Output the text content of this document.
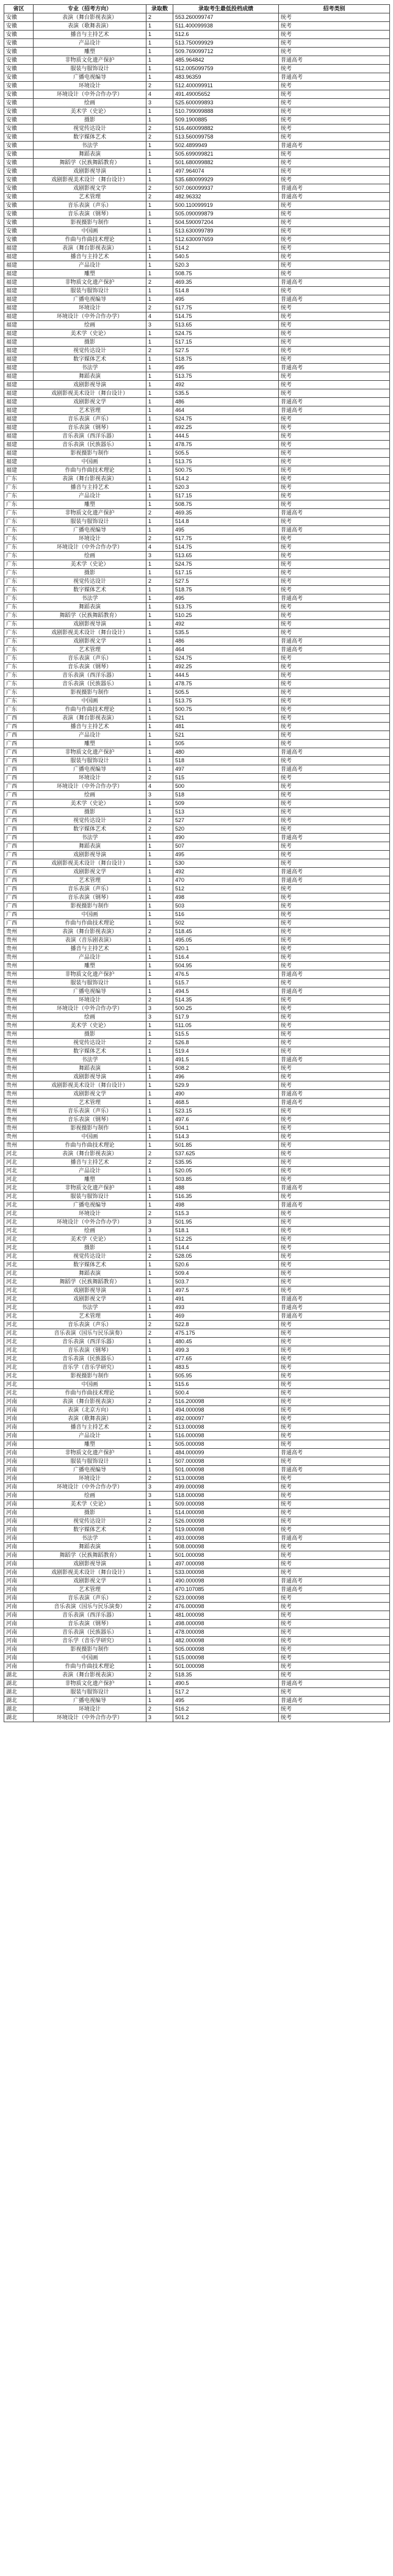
省区	专业（招考方向）	录取数	录取考生最低投档成绩	招考类别
安徽	表演（舞台影视表演）	2	553.260099747	统考
安徽	表演（歌舞表演）	1	511.400099938	统考
安徽	播音与主持艺术	1	512.6	统考
安徽	产品设计	1	513.750099929	统考
安徽	雕塑	1	509.769099712	统考
安徽	非物质文化遗产保护	1	485.964842	普通高考
安徽	服装与服饰设计	1	512.005099759	统考
安徽	广播电视编导	1	483.96359	普通高考
安徽	环境设计	2	512.400099911	统考
安徽	环境设计（中外合作办学）	4	491.49005652	统考
安徽	绘画	3	525.600099893	统考
安徽	美术学（史论）	1	510.799099888	统考
安徽	摄影	1	509.1900885	统考
安徽	视觉传达设计	2	516.460099882	统考
安徽	数字媒体艺术	2	513.560099758	统考
安徽	书法学	1	502.4899949	普通高考
安徽	舞蹈表演	1	505.699099821	统考
安徽	舞蹈学（民族舞蹈教育）	1	501.680099882	统考
安徽	戏剧影视导演	1	497.964074	统考
安徽	戏剧影视美术设计（舞台设计）	1	535.680099929	统考
安徽	戏剧影视文学	2	507.060099937	普通高考
安徽	艺术管理	2	482.96332	普通高考
安徽	音乐表演（声乐）	1	500.110099919	统考
安徽	音乐表演（钢琴）	1	505.090099879	统考
安徽	影视摄影与制作	1	504.590097204	统考
安徽	中国画	1	513.630099789	统考
安徽	作曲与作曲技术理论	1	512.630097659	统考
福建	表演（舞台影视表演）	1	514.2	统考
福建	播音与主持艺术	1	540.5	统考
福建	产品设计	1	520.3	统考
福建	雕塑	1	508.75	统考
福建	非物质文化遗产保护	2	469.35	普通高考
福建	服装与服饰设计	1	514.8	统考
福建	广播电视编导	1	495	普通高考
福建	环境设计	2	517.75	统考
福建	环境设计（中外合作办学）	4	514.75	统考
福建	绘画	3	513.65	统考
福建	美术学（史论）	1	524.75	统考
福建	摄影	1	517.15	统考
福建	视觉传达设计	2	527.5	统考
福建	数字媒体艺术	1	518.75	统考
福建	书法学	1	495	普通高考
福建	舞蹈表演	1	513.75	统考
福建	戏剧影视导演	1	492	统考
福建	戏剧影视美术设计（舞台设计）	1	535.5	统考
福建	戏剧影视文学	1	486	普通高考
福建	艺术管理	1	464	普通高考
福建	音乐表演（声乐）	1	524.75	统考
福建	音乐表演（钢琴）	1	492.25	统考
福建	音乐表演（西洋乐器）	1	444.5	统考
福建	音乐表演（民族器乐）	1	478.75	统考
福建	影视摄影与制作	1	505.5	统考
福建	中国画	1	513.75	统考
福建	作曲与作曲技术理论	1	500.75	统考
广东	表演（舞台影视表演）	1	514.2	统考
广东	播音与主持艺术	1	520.3	统考
广东	产品设计	1	517.15	统考
广东	雕塑	1	508.75	统考
广东	非物质文化遗产保护	2	469.35	普通高考
广东	服装与服饰设计	1	514.8	统考
广东	广播电视编导	1	495	普通高考
广东	环境设计	2	517.75	统考
广东	环境设计（中外合作办学）	4	514.75	统考
广东	绘画	3	513.65	统考
广东	美术学（史论）	1	524.75	统考
广东	摄影	1	517.15	统考
广东	视觉传达设计	2	527.5	统考
广东	数字媒体艺术	1	518.75	统考
广东	书法学	1	495	普通高考
广东	舞蹈表演	1	513.75	统考
广东	舞蹈学（民族舞蹈教育）	1	510.25	统考
广东	戏剧影视导演	1	492	统考
广东	戏剧影视美术设计（舞台设计）	1	535.5	统考
广东	戏剧影视文学	1	486	普通高考
广东	艺术管理	1	464	普通高考
广东	音乐表演（声乐）	1	524.75	统考
广东	音乐表演（钢琴）	1	492.25	统考
广东	音乐表演（西洋乐器）	1	444.5	统考
广东	音乐表演（民族器乐）	1	478.75	统考
广东	影视摄影与制作	1	505.5	统考
广东	中国画	1	513.75	统考
广东	作曲与作曲技术理论	1	500.75	统考
广西	表演（舞台影视表演）	1	521	统考
广西	播音与主持艺术	1	481	统考
广西	产品设计	1	521	统考
广西	雕塑	1	505	统考
广西	非物质文化遗产保护	1	480	普通高考
广西	服装与服饰设计	1	518	统考
广西	广播电视编导	1	497	普通高考
广西	环境设计	2	515	统考
广西	环境设计（中外合作办学）	4	500	统考
广西	绘画	3	518	统考
广西	美术学（史论）	1	509	统考
广西	摄影	1	513	统考
广西	视觉传达设计	2	527	统考
广西	数字媒体艺术	2	520	统考
广西	书法学	1	490	普通高考
广西	舞蹈表演	1	507	统考
广西	戏剧影视导演	1	495	统考
广西	戏剧影视美术设计（舞台设计）	1	530	统考
广西	戏剧影视文学	1	492	普通高考
广西	艺术管理	1	470	普通高考
广西	音乐表演（声乐）	1	512	统考
广西	音乐表演（钢琴）	1	498	统考
广西	影视摄影与制作	1	503	统考
广西	中国画	1	516	统考
广西	作曲与作曲技术理论	1	502	统考
贵州	表演（舞台影视表演）	2	518.45	统考
贵州	表演（音乐剧表演）	1	495.05	统考
贵州	播音与主持艺术	1	520.1	统考
贵州	产品设计	1	516.4	统考
贵州	雕塑	1	504.95	统考
贵州	非物质文化遗产保护	1	476.5	普通高考
贵州	服装与服饰设计	1	515.7	统考
贵州	广播电视编导	1	494.5	普通高考
贵州	环境设计	2	514.35	统考
贵州	环境设计（中外合作办学）	3	500.25	统考
贵州	绘画	3	517.9	统考
贵州	美术学（史论）	1	511.05	统考
贵州	摄影	1	515.5	统考
贵州	视觉传达设计	2	526.8	统考
贵州	数字媒体艺术	1	519.4	统考
贵州	书法学	1	491.5	普通高考
贵州	舞蹈表演	1	508.2	统考
贵州	戏剧影视导演	1	496	统考
贵州	戏剧影视美术设计（舞台设计）	1	529.9	统考
贵州	戏剧影视文学	1	490	普通高考
贵州	艺术管理	1	468.5	普通高考
贵州	音乐表演（声乐）	1	523.15	统考
贵州	音乐表演（钢琴）	1	497.6	统考
贵州	影视摄影与制作	1	504.1	统考
贵州	中国画	1	514.3	统考
贵州	作曲与作曲技术理论	1	501.85	统考
河北	表演（舞台影视表演）	2	537.625	统考
河北	播音与主持艺术	2	535.95	统考
河北	产品设计	1	520.05	统考
河北	雕塑	1	503.85	统考
河北	非物质文化遗产保护	1	488	普通高考
河北	服装与服饰设计	1	516.35	统考
河北	广播电视编导	1	498	普通高考
河北	环境设计	2	515.3	统考
河北	环境设计（中外合作办学）	3	501.95	统考
河北	绘画	3	518.1	统考
河北	美术学（史论）	1	512.25	统考
河北	摄影	1	514.4	统考
河北	视觉传达设计	2	528.05	统考
河北	数字媒体艺术	1	520.6	统考
河北	舞蹈表演	1	509.4	统考
河北	舞蹈学（民族舞蹈教育）	1	503.7	统考
河北	戏剧影视导演	1	497.5	统考
河北	戏剧影视文学	1	491	普通高考
河北	书法学	1	493	普通高考
河北	艺术管理	1	469	普通高考
河北	音乐表演（声乐）	2	522.8	统考
河北	音乐表演（国乐与民乐演奏）	2	475.175	统考
河北	音乐表演（西洋乐器）	1	480.45	统考
河北	音乐表演（钢琴）	1	499.3	统考
河北	音乐表演（民族器乐）	1	477.65	统考
河北	音乐学（音乐学研究）	1	483.5	统考
河北	影视摄影与制作	1	505.95	统考
河北	中国画	1	515.6	统考
河北	作曲与作曲技术理论	1	500.4	统考
河南	表演（舞台影视表演）	2	516.200098	统考
河南	表演（北京方向）	1	494.000098	统考
河南	表演（歌舞表演）	1	492.000097	统考
河南	播音与主持艺术	2	513.000098	统考
河南	产品设计	1	516.000098	统考
河南	雕塑	1	505.000098	统考
河南	非物质文化遗产保护	1	484.000099	普通高考
河南	服装与服饰设计	1	507.000098	统考
河南	广播电视编导	1	501.000098	普通高考
河南	环境设计	2	513.000098	统考
河南	环境设计（中外合作办学）	3	499.000098	统考
河南	绘画	3	518.000098	统考
河南	美术学（史论）	1	509.000098	统考
河南	摄影	1	514.000098	统考
河南	视觉传达设计	2	526.000098	统考
河南	数字媒体艺术	2	519.000098	统考
河南	书法学	1	493.000098	普通高考
河南	舞蹈表演	1	508.000098	统考
河南	舞蹈学（民族舞蹈教育）	1	501.000098	统考
河南	戏剧影视导演	1	497.000098	统考
河南	戏剧影视美术设计（舞台设计）	1	533.000098	统考
河南	戏剧影视文学	1	490.000098	普通高考
河南	艺术管理	1	470.107085	普通高考
河南	音乐表演（声乐）	2	523.000098	统考
河南	音乐表演（国乐与民乐演奏）	2	476.000098	统考
河南	音乐表演（西洋乐器）	1	481.000098	统考
河南	音乐表演（钢琴）	1	498.000098	统考
河南	音乐表演（民族器乐）	1	478.000098	统考
河南	音乐学（音乐学研究）	1	482.000098	统考
河南	影视摄影与制作	1	505.000098	统考
河南	中国画	1	515.000098	统考
河南	作曲与作曲技术理论	1	501.000098	统考
湖北	表演（舞台影视表演）	2	518.35	统考
湖北	非物质文化遗产保护	1	490.5	普通高考
湖北	服装与服饰设计	1	517.2	统考
湖北	广播电视编导	1	495	普通高考
湖北	环境设计	2	516.2	统考
湖北	环境设计（中外合作办学）	3	501.2	统考
